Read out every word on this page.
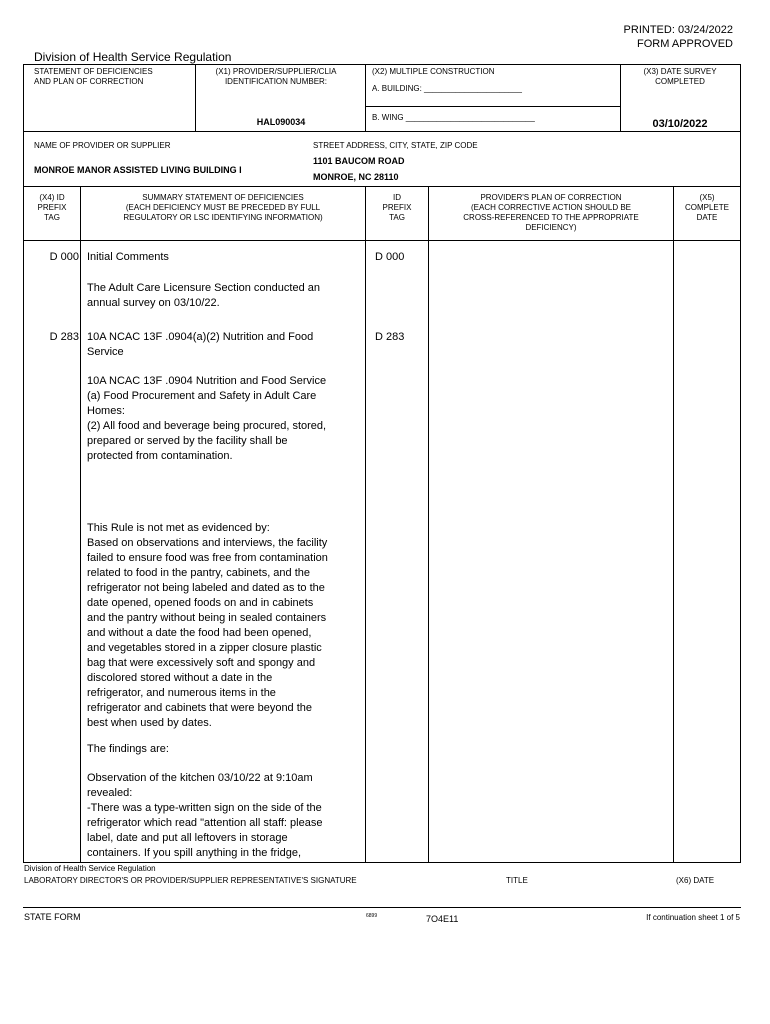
PRINTED: 03/24/2022
FORM APPROVED
Division of Health Service Regulation
STATEMENT OF DEFICIENCIES
AND PLAN OF CORRECTION
(X1) PROVIDER/SUPPLIER/CLIA
IDENTIFICATION NUMBER:
HAL090034
(X2) MULTIPLE CONSTRUCTION
A. BUILDING: ______________________
B. WING _____________________________
(X3) DATE SURVEY
COMPLETED
03/10/2022
NAME OF PROVIDER OR SUPPLIER
MONROE MANOR ASSISTED LIVING BUILDING I
STREET ADDRESS, CITY, STATE, ZIP CODE
1101 BAUCOM ROAD
MONROE, NC 28110
(X4) ID
PREFIX
TAG
SUMMARY STATEMENT OF DEFICIENCIES
(EACH DEFICIENCY MUST BE PRECEDED BY FULL
REGULATORY OR LSC IDENTIFYING INFORMATION)
ID
PREFIX
TAG
PROVIDER'S PLAN OF CORRECTION
(EACH CORRECTIVE ACTION SHOULD BE
CROSS-REFERENCED TO THE APPROPRIATE
DEFICIENCY)
(X5)
COMPLETE
DATE
D 000 Initial Comments	D 000
The Adult Care Licensure Section conducted an
annual survey on 03/10/22.
D 283 10A NCAC 13F .0904(a)(2) Nutrition and Food
Service
D 283
10A NCAC 13F .0904 Nutrition and Food Service
(a) Food Procurement and Safety in Adult Care
Homes:
(2) All food and beverage being procured, stored,
prepared or served by the facility shall be
protected from contamination.
This Rule is not met as evidenced by:
Based on observations and interviews, the facility
failed to ensure food was free from contamination
related to food in the pantry, cabinets, and the
refrigerator not being labeled and dated as to the
date opened, opened foods on and in cabinets
and the pantry without being in sealed containers
and without a date the food had been opened,
and vegetables stored in a zipper closure plastic
bag that were excessively soft and spongy and
discolored stored without a date in the
refrigerator, and numerous items in the
refrigerator and cabinets that were beyond the
best when used by dates.
The findings are:
Observation of the kitchen 03/10/22 at 9:10am
revealed:
-There was a type-written sign on the side of the
refrigerator which read "attention all staff: please
label, date and put all leftovers in storage
containers. If you spill anything in the fridge,
Division of Health Service Regulation
LABORATORY DIRECTOR'S OR PROVIDER/SUPPLIER REPRESENTATIVE'S SIGNATURE	TITLE	(X6) DATE
STATE FORM	6899	7O4E11	If continuation sheet 1 of 5
